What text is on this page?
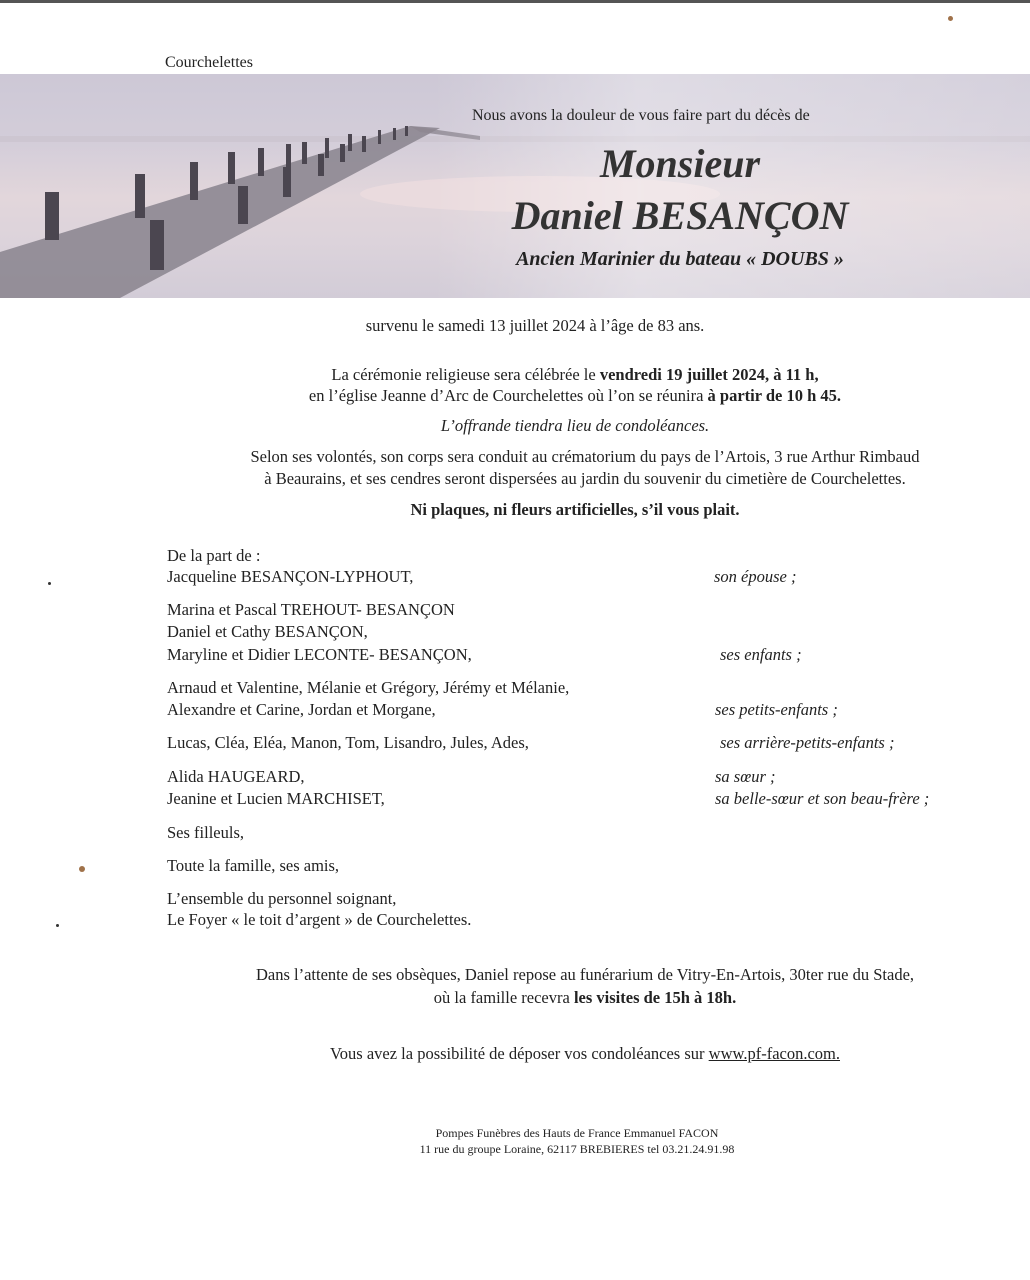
Courchelettes
Nous avons la douleur de vous faire part du décès de
Monsieur
Daniel BESANÇON
Ancien Marinier du bateau « DOUBS »
survenu le samedi 13 juillet 2024 à l’âge de 83 ans.
La cérémonie religieuse sera célébrée le vendredi 19 juillet 2024, à 11 h,
en l’église Jeanne d’Arc de Courchelettes où l’on se réunira à partir de 10 h 45.
L’offrande tiendra lieu de condoléances.
Selon ses volontés, son corps sera conduit au crématorium du pays de l’Artois, 3 rue Arthur Rimbaud
à Beaurains, et ses cendres seront dispersées au jardin du souvenir du cimetière de Courchelettes.
Ni plaques, ni fleurs artificielles, s’il vous plait.
De la part de :
Jacqueline BESANÇON-LYPHOUT,	son épouse ;
Marina et Pascal TREHOUT- BESANÇON
Daniel et Cathy BESANÇON,
Maryline et Didier LECONTE- BESANÇON,	ses enfants ;
Arnaud et Valentine, Mélanie et Grégory, Jérémy et Mélanie,
Alexandre et Carine, Jordan et Morgane,	ses petits-enfants ;
Lucas, Cléa, Eléa, Manon, Tom, Lisandro, Jules, Ades,	ses arrière-petits-enfants ;
Alida HAUGEARD,	sa sœur ;
Jeanine et Lucien MARCHISET,	sa belle-sœur et son beau-frère ;
Ses filleuls,
Toute la famille, ses amis,
L’ensemble du personnel soignant,
Le Foyer « le toit d’argent » de Courchelettes.
Dans l’attente de ses obsèques, Daniel repose au funérarium de Vitry-En-Artois, 30ter rue du Stade,
où la famille recevra les visites de 15h à 18h.
Vous avez la possibilité de déposer vos condoléances sur www.pf-facon.com.
Pompes Funèbres des Hauts de France Emmanuel FACON
11 rue du groupe Loraine, 62117 BREBIERES tel 03.21.24.91.98
